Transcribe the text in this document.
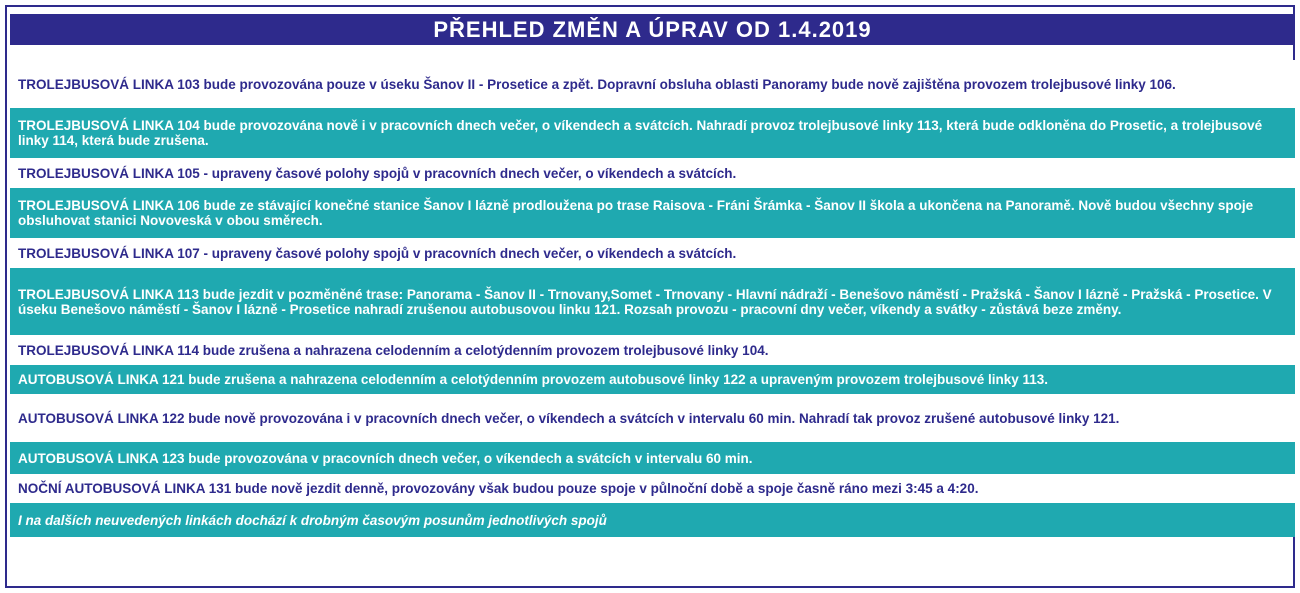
PŘEHLED ZMĚN A ÚPRAV OD 1.4.2019
TROLEJBUSOVÁ LINKA 103 bude provozována pouze v úseku Šanov II - Prosetice a zpět. Dopravní obsluha oblasti Panoramy bude nově zajištěna provozem trolejbusové linky 106.
TROLEJBUSOVÁ LINKA 104 bude provozována nově i v pracovních dnech večer, o víkendech a svátcích. Nahradí provoz trolejbusové linky 113, která bude odkloněna do Prosetic, a trolejbusové linky 114, která bude zrušena.
TROLEJBUSOVÁ LINKA 105 - upraveny časové polohy spojů v pracovních dnech večer, o víkendech a svátcích.
TROLEJBUSOVÁ LINKA 106 bude ze stávající konečné stanice Šanov I lázně prodloužena po trase Raisova - Fráni Šrámka - Šanov II škola a ukončena na Panoramě. Nově budou všechny spoje obsluhovat stanici Novoveská v obou směrech.
TROLEJBUSOVÁ LINKA 107 - upraveny časové polohy spojů v pracovních dnech večer, o víkendech a svátcích.
TROLEJBUSOVÁ LINKA 113 bude jezdit v pozměněné trase: Panorama - Šanov II - Trnovany,Somet - Trnovany - Hlavní nádraží - Benešovo náměstí - Pražská - Šanov I lázně - Pražská - Prosetice. V úseku Benešovo náměstí - Šanov I lázně - Prosetice nahradí zrušenou autobusovou linku 121. Rozsah provozu - pracovní dny večer, víkendy a svátky - zůstává beze změny.
TROLEJBUSOVÁ LINKA 114 bude zrušena a nahrazena celodenním a celotýdenním provozem trolejbusové linky 104.
AUTOBUSOVÁ LINKA 121 bude zrušena a nahrazena celodenním a celotýdenním provozem autobusové linky 122 a upraveným provozem trolejbusové linky 113.
AUTOBUSOVÁ LINKA 122 bude nově provozována i v pracovních dnech večer, o víkendech a svátcích v intervalu 60 min. Nahradí tak provoz zrušené autobusové linky 121.
AUTOBUSOVÁ LINKA 123 bude provozována v pracovních dnech večer, o víkendech a svátcích v intervalu 60 min.
NOČNÍ AUTOBUSOVÁ LINKA 131 bude nově jezdit denně, provozovány však budou pouze spoje v půlnoční době a spoje časně ráno mezi 3:45 a 4:20.
I na dalších neuvedených linkách dochází k drobným časovým posunům jednotlivých spojů
